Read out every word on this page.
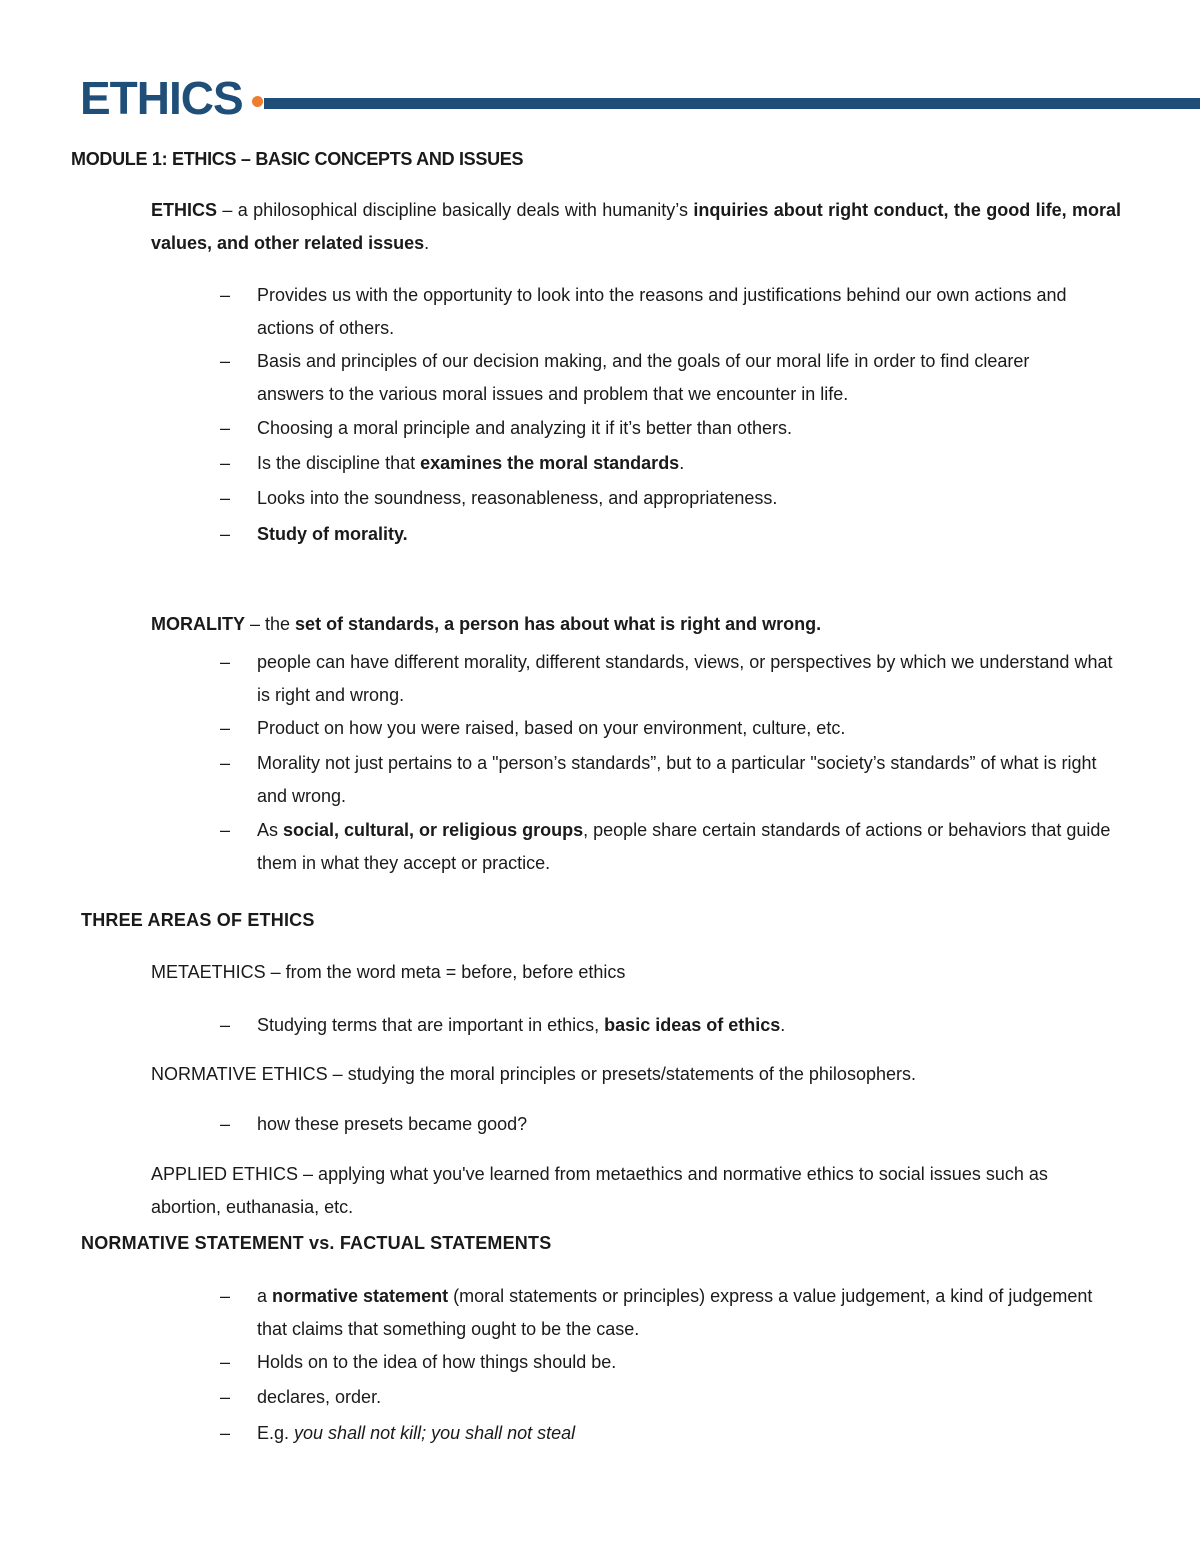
ETHICS
MODULE 1: ETHICS – BASIC CONCEPTS AND ISSUES
ETHICS – a philosophical discipline basically deals with humanity’s inquiries about right conduct, the good life, moral values, and other related issues.
–	Provides us with the opportunity to look into the reasons and justifications behind our own actions and actions of others.
–	Basis and principles of our decision making, and the goals of our moral life in order to find clearer
answers to the various moral issues and problem that we encounter in life.
–	Choosing a moral principle and analyzing it if it’s better than others.
–	Is the discipline that examines the moral standards.
–	Looks into the soundness, reasonableness, and appropriateness.
–	Study of morality.
MORALITY – the set of standards, a person has about what is right and wrong.
–	people can have different morality, different standards, views, or perspectives by which we understand what is right and wrong.
–	Product on how you were raised, based on your environment, culture, etc.
–	Morality not just pertains to a "person’s standards”, but to a particular "society’s standards” of what is right and wrong.
–	As social, cultural, or religious groups, people share certain standards of actions or behaviors that guide them in what they accept or practice.
THREE AREAS OF ETHICS
METAETHICS – from the word meta = before, before ethics
–	Studying terms that are important in ethics, basic ideas of ethics.
NORMATIVE ETHICS – studying the moral principles or presets/statements of the philosophers.
–	how these presets became good?
APPLIED ETHICS – applying what you've learned from metaethics and normative ethics to social issues such as abortion, euthanasia, etc.
NORMATIVE STATEMENT vs. FACTUAL STATEMENTS
–	a normative statement (moral statements or principles) express a value judgement, a kind of judgement that claims that something ought to be the case.
–	Holds on to the idea of how things should be.
–	declares, order.
–	E.g. you shall not kill; you shall not steal
